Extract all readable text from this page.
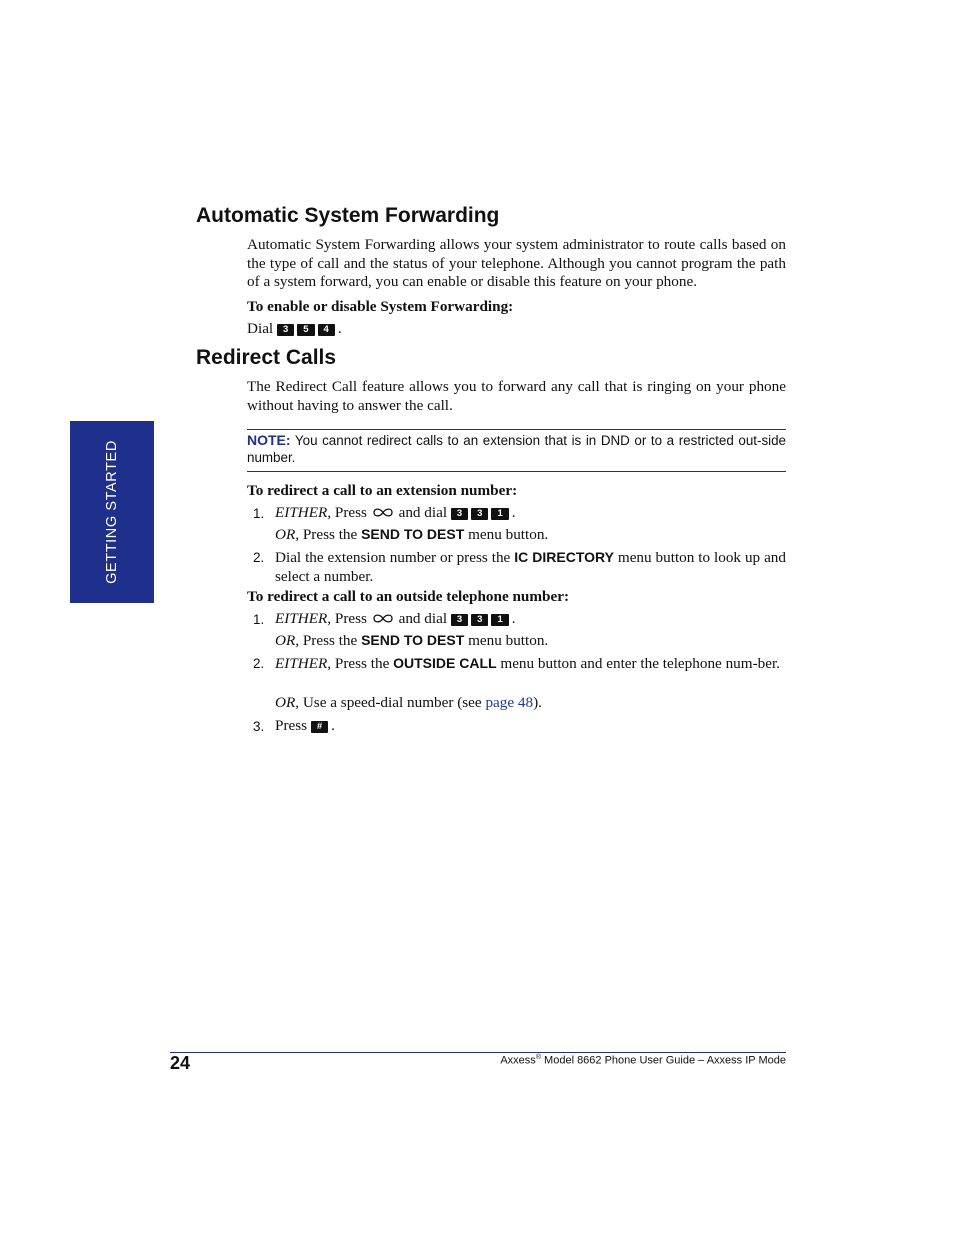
Automatic System Forwarding
Automatic System Forwarding allows your system administrator to route calls based on the type of call and the status of your telephone. Although you cannot program the path of a system forward, you can enable or disable this feature on your phone.
To enable or disable System Forwarding:
Dial 3 5 4 .
Redirect Calls
The Redirect Call feature allows you to forward any call that is ringing on your phone without having to answer the call.
NOTE: You cannot redirect calls to an extension that is in DND or to a restricted out-side number.
To redirect a call to an extension number:
1. EITHER, Press and dial 3 3 1 .
OR, Press the SEND TO DEST menu button.
2. Dial the extension number or press the IC DIRECTORY menu button to look up and select a number.
To redirect a call to an outside telephone number:
1. EITHER, Press and dial 3 3 1 .
OR, Press the SEND TO DEST menu button.
2. EITHER, Press the OUTSIDE CALL menu button and enter the telephone num-ber.
OR, Use a speed-dial number (see page 48).
3. Press # .
GETTING STARTED
24	Axxess® Model 8662 Phone User Guide – Axxess IP Mode
